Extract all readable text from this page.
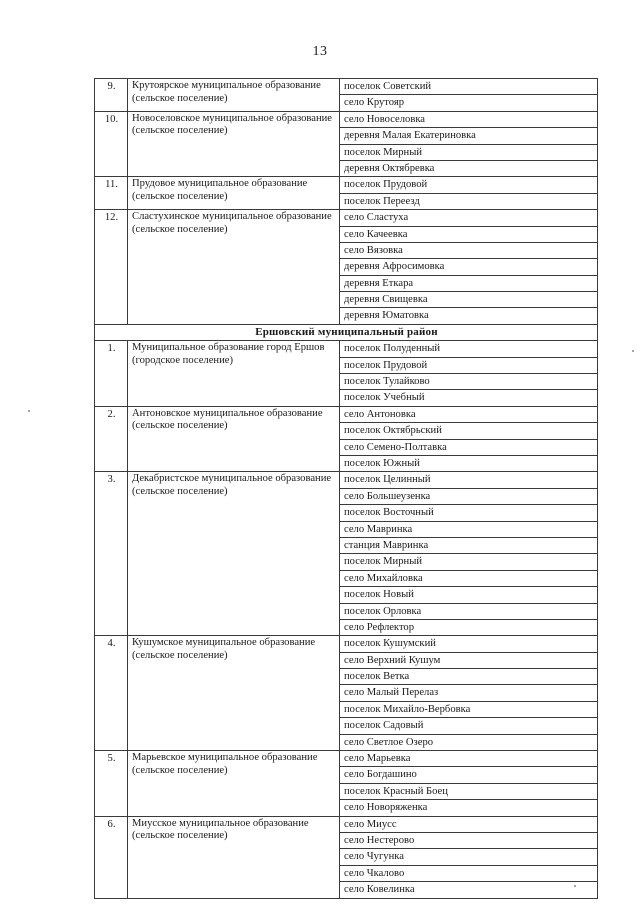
13
9.	Крутоярское муниципальное образование (сельское поселение)	поселок Советский
		село Крутояр
10.	Новоселовское муниципальное образование (сельское поселение)	село Новоселовка
		деревня Малая Екатериновка
		поселок Мирный
		деревня Октябревка
11.	Прудовое муниципальное образование (сельское поселение)	поселок Прудовой
		поселок Переезд
12.	Сластухинское муниципальное образование (сельское поселение)	село Сластуха
		село Качеевка
		село Вязовка
		деревня Афросимовка
		деревня Еткара
		деревня Свищевка
		деревня Юматовка
Ершовский муниципальный район		
1.	Муниципальное образование город Ершов (городское поселение)	поселок Полуденный
		поселок Прудовой
		поселок Тулайково
		поселок Учебный
2.	Антоновское муниципальное образование (сельское поселение)	село Антоновка
		поселок Октябрьский
		село Семено-Полтавка
		поселок Южный
3.	Декабристское муниципальное образование (сельское поселение)	поселок Целинный
		село Большеузенка
		поселок Восточный
		село Мавринка
		станция Мавринка
		поселок Мирный
		село Михайловка
		поселок Новый
		поселок Орловка
		село Рефлектор
4.	Кушумское муниципальное образование (сельское поселение)	поселок Кушумский
		село Верхний Кушум
		поселок Ветка
		село Малый Перелаз
		поселок Михайло-Вербовка
		поселок Садовый
		село Светлое Озеро
5.	Марьевское муниципальное образование (сельское поселение)	село Марьевка
		село Богдашино
		поселок Красный Боец
		село Новоряженка
6.	Миусское муниципальное образование (сельское поселение)	село Миусс
		село Нестерово
		село Чугунка
		село Чкалово
		село Ковелинка
